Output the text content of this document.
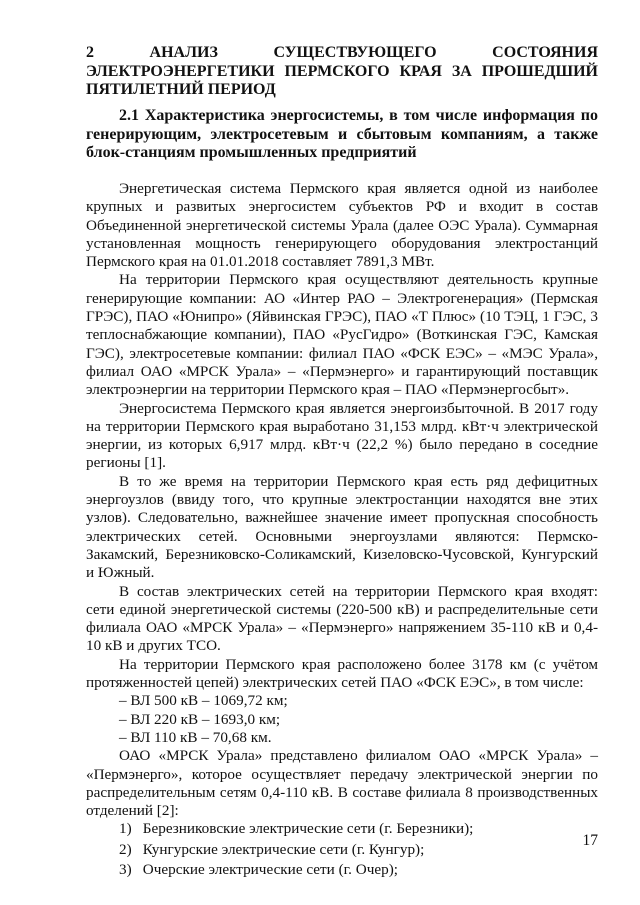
2 АНАЛИЗ СУЩЕСТВУЮЩЕГО СОСТОЯНИЯ ЭЛЕКТРОЭНЕРГЕТИКИ ПЕРМСКОГО КРАЯ ЗА ПРОШЕДШИЙ ПЯТИЛЕТНИЙ ПЕРИОД
2.1 Характеристика энергосистемы, в том числе информация по генерирующим, электросетевым и сбытовым компаниям, а также блок-станциям промышленных предприятий

Энергетическая система Пермского края является одной из наиболее крупных и развитых энергосистем субъектов РФ и входит в состав Объединенной энергетической системы Урала (далее ОЭС Урала). Суммарная установленная мощность генерирующего оборудования электростанций Пермского края на 01.01.2018 составляет 7891,3 МВт.

На территории Пермского края осуществляют деятельность крупные генерирующие компании: АО «Интер РАО – Электрогенерация» (Пермская ГРЭС), ПАО «Юнипро» (Яйвинская ГРЭС), ПАО «Т Плюс» (10 ТЭЦ, 1 ГЭС, 3 теплоснабжающие компании), ПАО «РусГидро» (Воткинская ГЭС, Камская ГЭС), электросетевые компании: филиал ПАО «ФСК ЕЭС» – «МЭС Урала», филиал ОАО «МРСК Урала» – «Пермэнерго» и гарантирующий поставщик электроэнергии на территории Пермского края – ПАО «Пермэнергосбыт».

Энергосистема Пермского края является энергоизбыточной. В 2017 году на территории Пермского края выработано 31,153 млрд. кВт·ч электрической энергии, из которых 6,917 млрд. кВт·ч (22,2 %) было передано в соседние регионы [1].

В то же время на территории Пермского края есть ряд дефицитных энергоузлов (ввиду того, что крупные электростанции находятся вне этих узлов). Следовательно, важнейшее значение имеет пропускная способность электрических сетей. Основными энергоузлами являются: Пермско-Закамский, Березниковско-Соликамский, Кизеловско-Чусовской, Кунгурский и Южный.

В состав электрических сетей на территории Пермского края входят: сети единой энергетической системы (220-500 кВ) и распределительные сети филиала ОАО «МРСК Урала» – «Пермэнерго» напряжением 35-110 кВ и 0,4-10 кВ и других ТСО.

На территории Пермского края расположено более 3178 км (с учётом протяженностей цепей) электрических сетей ПАО «ФСК ЕЭС», в том числе:

– ВЛ 500 кВ – 1069,72 км;

– ВЛ 220 кВ – 1693,0 км;

– ВЛ 110 кВ – 70,68 км.

ОАО «МРСК Урала» представлено филиалом ОАО «МРСК Урала» – «Пермэнерго», которое осуществляет передачу электрической энергии по распределительным сетям 0,4-110 кВ. В составе филиала 8 производственных отделений [2]:

1) Березниковские электрические сети (г. Березники);
2) Кунгурские электрические сети (г. Кунгур);
3) Очерские электрические сети (г. Очер);
17
